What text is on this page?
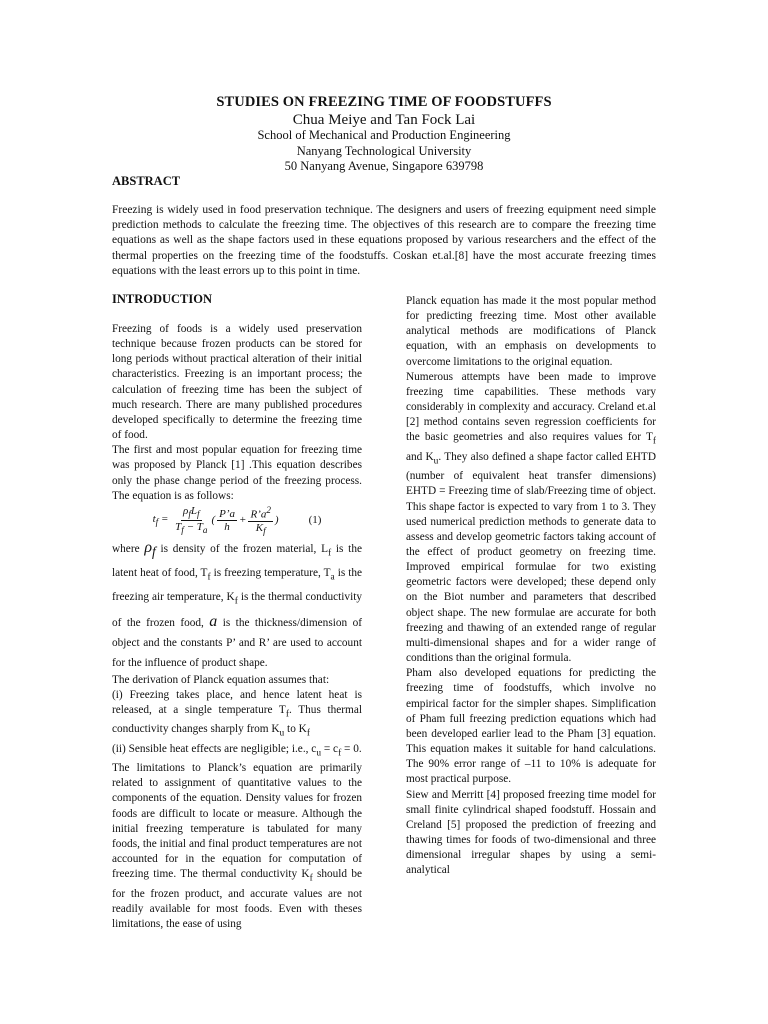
STUDIES ON FREEZING TIME OF FOODSTUFFS
Chua Meiye and Tan Fock Lai
School of Mechanical and Production Engineering
Nanyang Technological University
50 Nanyang Avenue, Singapore 639798
ABSTRACT

Freezing is widely used in food preservation technique. The designers and users of freezing equipment need simple prediction methods to calculate the freezing time. The objectives of this research are to compare the freezing time equations as well as the shape factors used in these equations proposed by various researchers and the effect of the thermal properties on the freezing time of the foodstuffs. Coskan et.al.[8] have the most accurate freezing times equations with the least errors up to this point in time.

INTRODUCTION

Freezing of foods is a widely used preservation technique because frozen products can be stored for long periods without practical alteration of their initial characteristics. Freezing is an important process; the calculation of freezing time has been the subject of much research. There are many published procedures developed specifically to determine the freezing time of food.

The first and most popular equation for freezing time was proposed by Planck [1] .This equation describes only the phase change period of the freezing process. The equation is as follows:

$t_f = \frac{\rho_fL_f}{T_f - T_a}$ ( $\frac{P’a}{h} + \frac{R’a^2}{K_f}$ )	(1)

where $\rho_f$ is density of the frozen material, $L_f$ is the latent heat of food, $T_f$ is freezing temperature, $T_a$ is the freezing air temperature, $K_f$ is the thermal conductivity of the frozen food, a is the thickness/dimension of object and the constants P’ and R’ are used to account for the influence of product shape.

The derivation of Planck equation assumes that:

(i) Freezing takes place, and hence latent heat is released, at a single temperature $T_f$. Thus thermal conductivity changes sharply from $K_u$ to $K_f$

(ii) Sensible heat effects are negligible; i.e., $c_u = c_f = 0$.

The limitations to Planck’s equation are primarily related to assignment of quantitative values to the components of the equation. Density values for frozen foods are difficult to locate or measure. Although the initial freezing temperature is tabulated for many foods, the initial and final product temperatures are not accounted for in the equation for computation of freezing time. The thermal conductivity $K_f$ should be for the frozen product, and accurate values are not readily available for most foods. Even with theses limitations, the ease of using

Planck equation has made it the most popular method for predicting freezing time. Most other available analytical methods are modifications of Planck equation, with an emphasis on developments to overcome limitations to the original equation.

Numerous attempts have been made to improve freezing time capabilities. These methods vary considerably in complexity and accuracy. Creland et.al [2] method contains seven regression coefficients for the basic geometries and also requires values for $T_f$ and $K_u$. They also defined a shape factor called EHTD (number of equivalent heat transfer dimensions) EHTD = Freezing time of slab/Freezing time of object. This shape factor is expected to vary from 1 to 3. They used numerical prediction methods to generate data to assess and develop geometric factors taking account of the effect of product geometry on freezing time. Improved empirical formulae for two existing geometric factors were developed; these depend only on the Biot number and parameters that described object shape. The new formulae are accurate for both freezing and thawing of an extended range of regular multi-dimensional shapes and for a wider range of conditions than the original formula.

Pham also developed equations for predicting the freezing time of foodstuffs, which involve no empirical factor for the simpler shapes. Simplification of Pham full freezing prediction equations which had been developed earlier lead to the Pham [3] equation. This equation makes it suitable for hand calculations. The 90% error range of –11 to 10% is adequate for most practical purpose.

Siew and Merritt [4] proposed freezing time model for small finite cylindrical shaped foodstuff. Hossain and Creland [5] proposed the prediction of freezing and thawing times for foods of two-dimensional and three dimensional irregular shapes by using a semi-analytical
